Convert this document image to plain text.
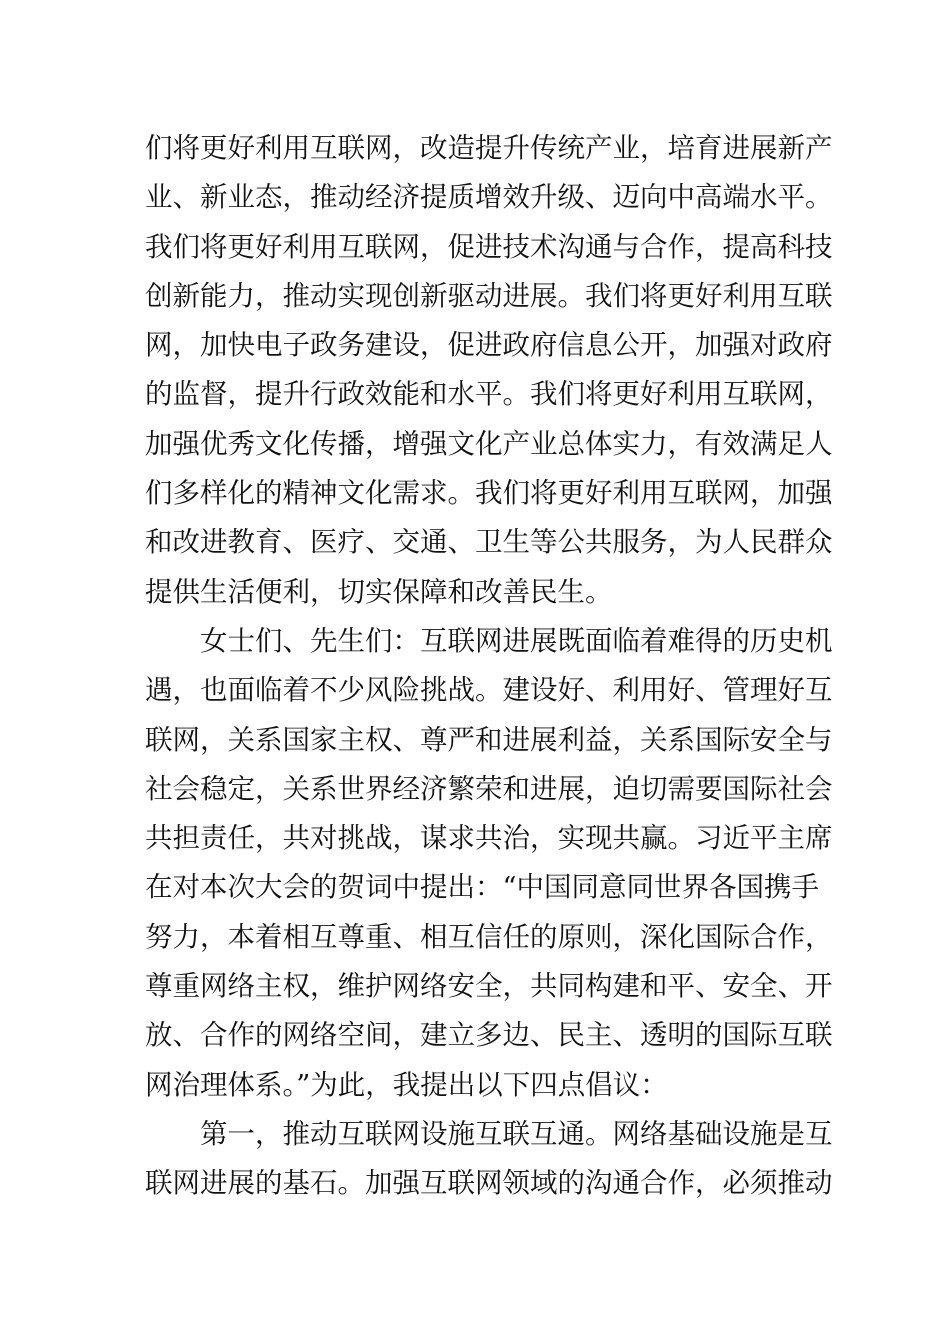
们将更好利用互联网，改造提升传统产业，培育进展新产
业、新业态，推动经济提质增效升级、迈向中高端水平。
我们将更好利用互联网，促进技术沟通与合作，提高科技
创新能力，推动实现创新驱动进展。我们将更好利用互联
网，加快电子政务建设，促进政府信息公开，加强对政府
的监督，提升行政效能和水平。我们将更好利用互联网，
加强优秀文化传播，增强文化产业总体实力，有效满足人
们多样化的精神文化需求。我们将更好利用互联网，加强
和改进教育、医疗、交通、卫生等公共服务，为人民群众
提供生活便利，切实保障和改善民生。
女士们、先生们：互联网进展既面临着难得的历史机
遇，也面临着不少风险挑战。建设好、利用好、管理好互
联网，关系国家主权、尊严和进展利益，关系国际安全与
社会稳定，关系世界经济繁荣和进展，迫切需要国际社会
共担责任，共对挑战，谋求共治，实现共赢。习近平主席
在对本次大会的贺词中提出：“中国同意同世界各国携手
努力，本着相互尊重、相互信任的原则，深化国际合作，
尊重网络主权，维护网络安全，共同构建和平、安全、开
放、合作的网络空间，建立多边、民主、透明的国际互联
网治理体系。”为此，我提出以下四点倡议：
第一，推动互联网设施互联互通。网络基础设施是互
联网进展的基石。加强互联网领域的沟通合作，必须推动
